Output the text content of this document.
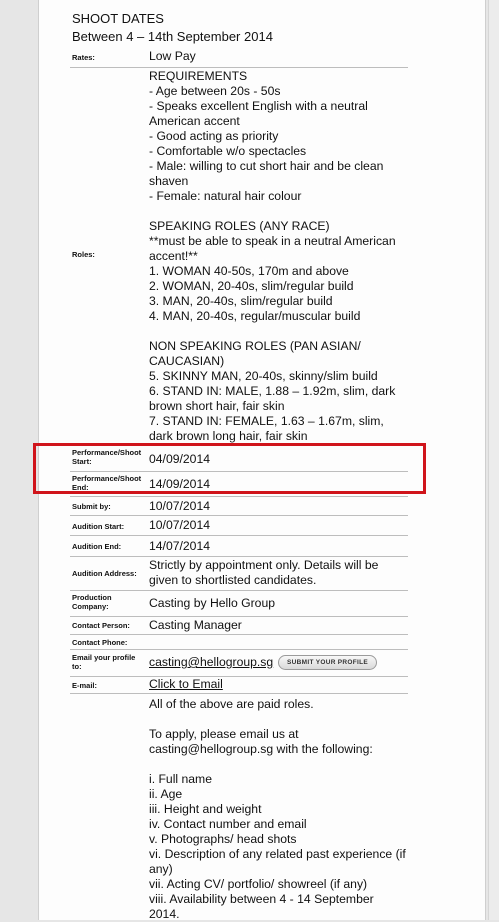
SHOOT DATES
Between 4 – 14th September 2014
Rates:	Low Pay
Roles:

REQUIREMENTS

- Age between 20s - 50s

- Speaks excellent English with a neutral

American accent

- Good acting as priority

- Comfortable w/o spectacles

- Male: willing to cut short hair and be clean

shaven

- Female: natural hair colour

SPEAKING ROLES (ANY RACE)

**must be able to speak in a neutral American

accent!**

1. WOMAN 40-50s, 170m and above

2. WOMAN, 20-40s, slim/regular build

3. MAN, 20-40s, slim/regular build

4. MAN, 20-40s, regular/muscular build

NON SPEAKING ROLES (PAN ASIAN/

CAUCASIAN)

5. SKINNY MAN, 20-40s, skinny/slim build

6. STAND IN: MALE, 1.88 – 1.92m, slim, dark

brown short hair, fair skin

7. STAND IN: FEMALE, 1.63 – 1.67m, slim,

dark brown long hair, fair skin

Performance/Shoot Start:	04/09/2014
Performance/Shoot End:	14/09/2014
Submit by:	10/07/2014
Audition Start:	10/07/2014
Audition End:	14/07/2014
Audition Address:

Strictly by appointment only. Details will be

given to shortlisted candidates.

Production Company:	Casting by Hello Group
Contact Person:	Casting Manager
Contact Phone:
Email your profile to:	casting@hellogroup.sg	SUBMIT YOUR PROFILE
E-mail:	Click to Email

All of the above are paid roles.

To apply, please email us at

casting@hellogroup.sg with the following:

i. Full name

ii. Age

iii. Height and weight

iv. Contact number and email

v. Photographs/ head shots

vi. Description of any related past experience (if

any)

vii. Acting CV/ portfolio/ showreel (if any)

viii. Availability between 4 - 14 September

2014.
